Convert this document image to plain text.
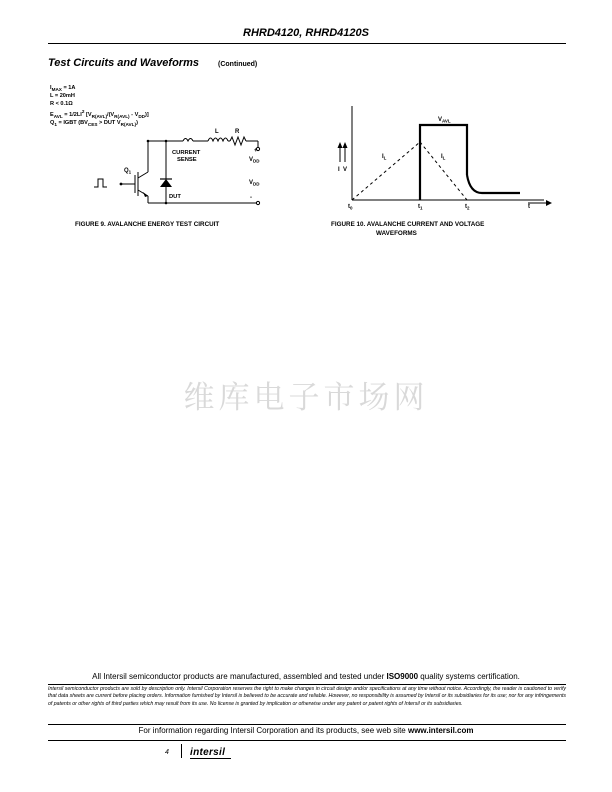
RHRD4120, RHRD4120S
Test Circuits and Waveforms	(Continued)
$I_{MAX} = 1A$
L = 20mH
R < 0.1Ω
$E_{AVL} = 1/2LI^2$ $[V_{R(AVL)}/(V_{R(AVL)} - V_{DD})]$
$Q_1$ = IGBT ($BV_{CES}$ > DUT $V_{R(AVL)}$)
L	R
CURRENT
SENSE
+
$V_{DD}$
$V_{DD}$
-
$Q_1$
DUT
FIGURE 9. AVALANCHE ENERGY TEST CIRCUIT
$V_{AVL}$
$I_L$	$I_L$
I V
$t_0$	$t_1$	$t_2$	t
FIGURE 10. AVALANCHE CURRENT AND VOLTAGE
WAVEFORMS
维库电子市场网
All Intersil semiconductor products are manufactured, assembled and tested under ISO9000 quality systems certification.
Intersil semiconductor products are sold by description only. Intersil Corporation reserves the right to make changes in circuit design and/or specifications at any time without notice. Accordingly, the reader is cautioned to verify that data sheets are current before placing orders. Information furnished by Intersil is believed to be accurate and reliable. However, no responsibility is assumed by Intersil or its subsidiaries for its use; nor for any infringements of patents or other rights of third parties which may result from its use. No license is granted by implication or otherwise under any patent or patent rights of Intersil or its subsidiaries.
For information regarding Intersil Corporation and its products, see web site www.intersil.com
4 intersil
